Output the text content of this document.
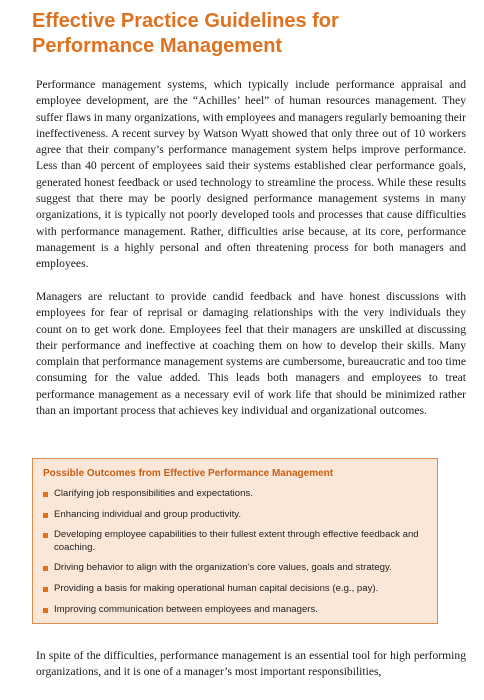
Effective Practice Guidelines for Performance Management

Performance management systems, which typically include performance appraisal and employee development, are the “Achilles’ heel” of human resources management. They suffer flaws in many organizations, with employees and managers regularly bemoaning their ineffectiveness. A recent survey by Watson Wyatt showed that only three out of 10 workers agree that their company’s performance management system helps improve performance. Less than 40 percent of employees said their systems established clear performance goals, generated honest feedback or used technology to streamline the process. While these results suggest that there may be poorly designed performance management systems in many organizations, it is typically not poorly developed tools and processes that cause difficulties with performance management. Rather, difficulties arise because, at its core, performance management is a highly personal and often threatening process for both managers and employees.

Managers are reluctant to provide candid feedback and have honest discussions with employees for fear of reprisal or damaging relationships with the very individuals they count on to get work done. Employees feel that their managers are unskilled at discussing their performance and ineffective at coaching them on how to develop their skills. Many complain that performance management systems are cumbersome, bureaucratic and too time consuming for the value added. This leads both managers and employees to treat performance management as a necessary evil of work life that should be minimized rather than an important process that achieves key individual and organizational outcomes.

Possible Outcomes from Effective Performance Management
Clarifying job responsibilities and expectations.
Enhancing individual and group productivity.
Developing employee capabilities to their fullest extent through effective feedback and coaching.
Driving behavior to align with the organization’s core values, goals and strategy.
Providing a basis for making operational human capital decisions (e.g., pay).
Improving communication between employees and managers.

In spite of the difficulties, performance management is an essential tool for high performing organizations, and it is one of a manager’s most important responsibilities,
